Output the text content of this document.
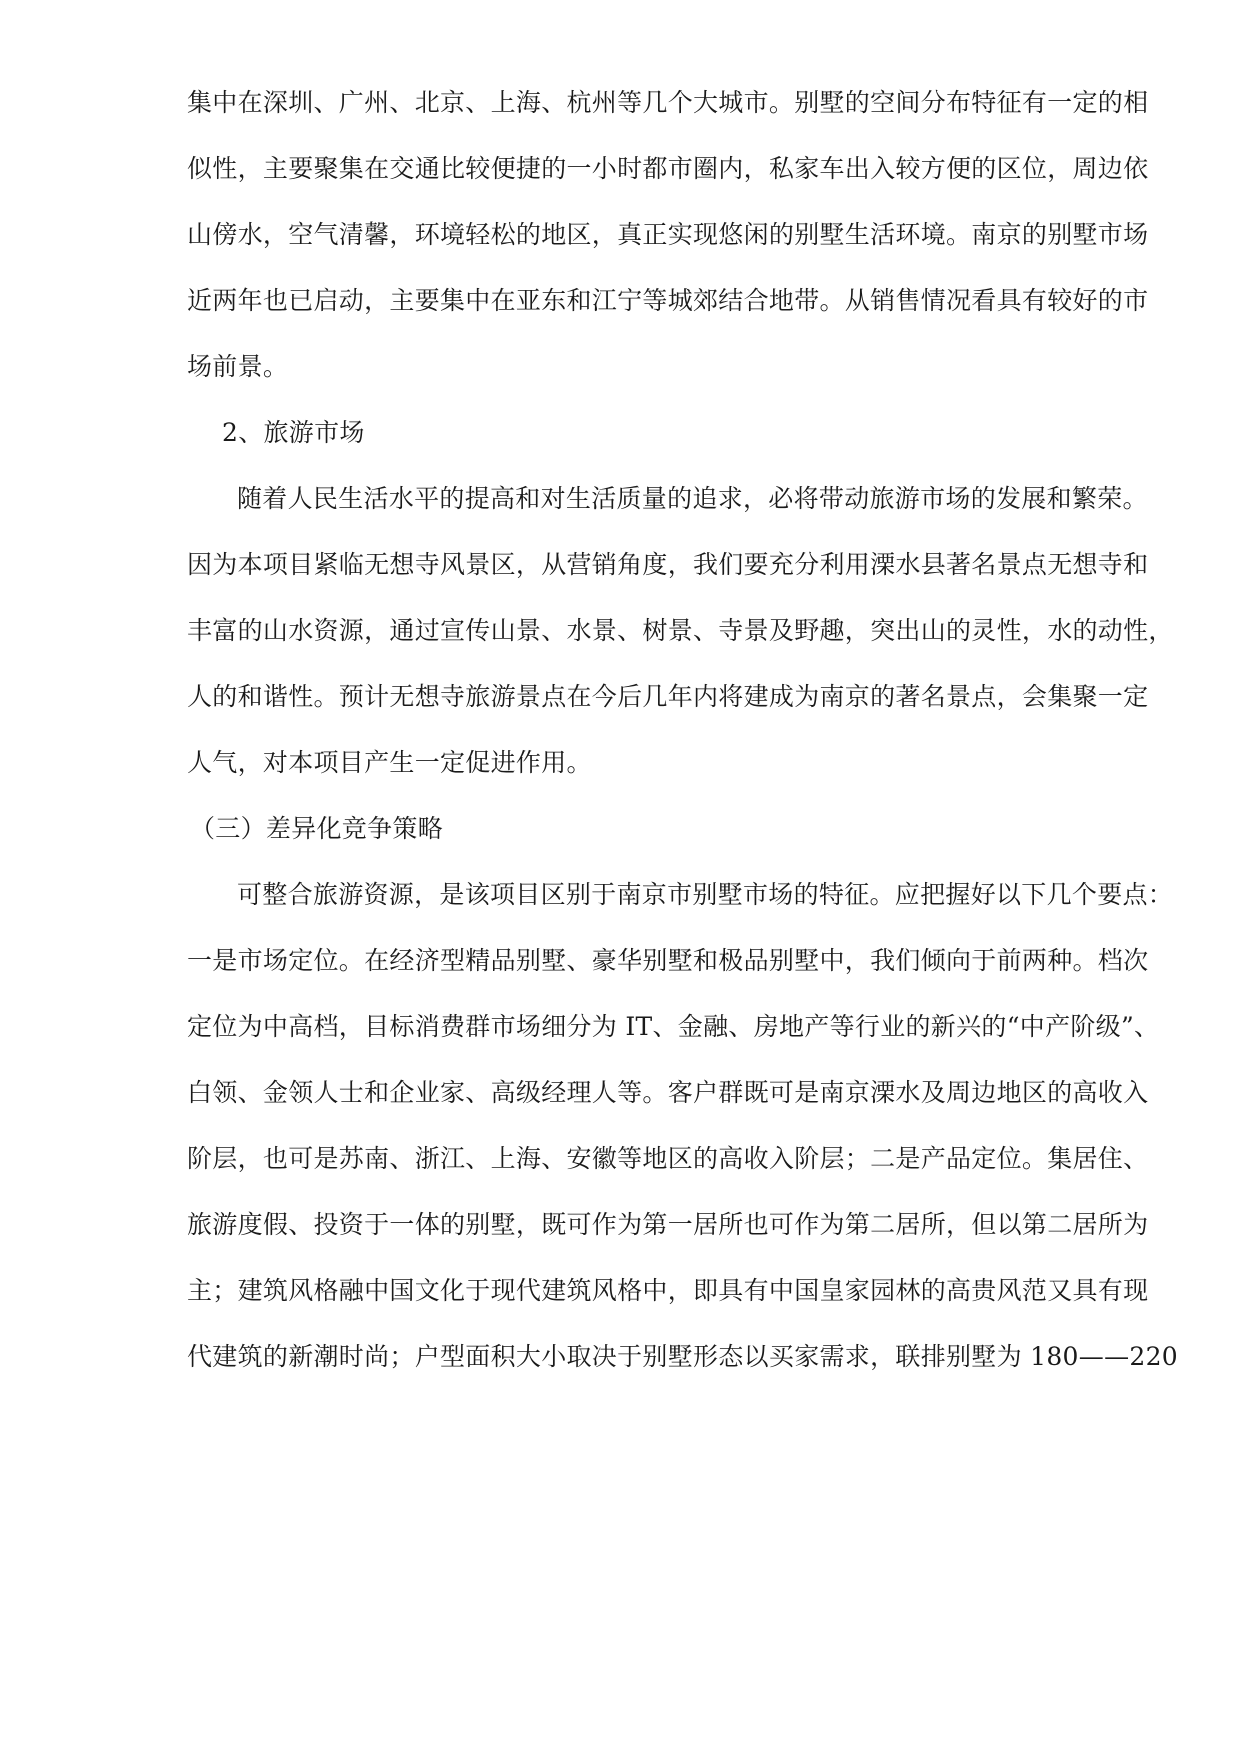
集中在深圳、广州、北京、上海、杭州等几个大城市。别墅的空间分布特征有一定的相
似性，主要聚集在交通比较便捷的一小时都市圈内，私家车出入较方便的区位，周边依
山傍水，空气清馨，环境轻松的地区，真正实现悠闲的别墅生活环境。南京的别墅市场
近两年也已启动，主要集中在亚东和江宁等城郊结合地带。从销售情况看具有较好的市
场前景。
2、旅游市场
随着人民生活水平的提高和对生活质量的追求，必将带动旅游市场的发展和繁荣。
因为本项目紧临无想寺风景区，从营销角度，我们要充分利用溧水县著名景点无想寺和
丰富的山水资源，通过宣传山景、水景、树景、寺景及野趣，突出山的灵性，水的动性，
人的和谐性。预计无想寺旅游景点在今后几年内将建成为南京的著名景点，会集聚一定
人气，对本项目产生一定促进作用。
（三）差异化竞争策略
可整合旅游资源，是该项目区别于南京市别墅市场的特征。应把握好以下几个要点：
一是市场定位。在经济型精品别墅、豪华别墅和极品别墅中，我们倾向于前两种。档次
定位为中高档，目标消费群市场细分为 IT、金融、房地产等行业的新兴的“中产阶级”、
白领、金领人士和企业家、高级经理人等。客户群既可是南京溧水及周边地区的高收入
阶层，也可是苏南、浙江、上海、安徽等地区的高收入阶层；二是产品定位。集居住、
旅游度假、投资于一体的别墅，既可作为第一居所也可作为第二居所，但以第二居所为
主；建筑风格融中国文化于现代建筑风格中，即具有中国皇家园林的高贵风范又具有现
代建筑的新潮时尚；户型面积大小取决于别墅形态以买家需求，联排别墅为 180——220
